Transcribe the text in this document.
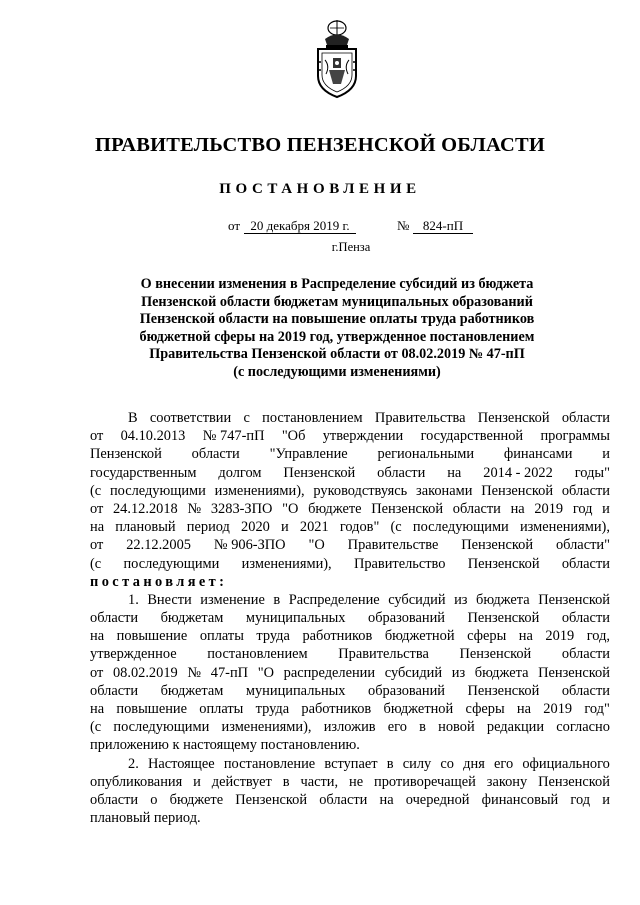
ПРАВИТЕЛЬСТВО ПЕНЗЕНСКОЙ ОБЛАСТИ
ПОСТАНОВЛЕНИЕ
от 20 декабря 2019 г.	№	824-пП
г.Пенза
О внесении изменения в Распределение субсидий из бюджета
Пензенской области бюджетам муниципальных образований
Пензенской области на повышение оплаты труда работников
бюджетной сферы на 2019 год, утвержденное постановлением
Правительства Пензенской области от 08.02.2019 № 47-пП
(с последующими изменениями)
В соответствии с постановлением Правительства Пензенской области
от 04.10.2013 № 747-пП "Об утверждении государственной программы
Пензенской области "Управление региональными финансами и
государственным долгом Пензенской области на 2014 - 2022 годы"
(с последующими изменениями), руководствуясь законами Пензенской области
от 24.12.2018 № 3283-ЗПО "О бюджете Пензенской области на 2019 год и
на плановый период 2020 и 2021 годов" (с последующими изменениями),
от 22.12.2005 № 906-ЗПО "О Правительстве Пензенской области"
(с последующими изменениями), Правительство Пензенской области
постановляет:
1. Внести изменение в Распределение субсидий из бюджета Пензенской
области бюджетам муниципальных образований Пензенской области
на повышение оплаты труда работников бюджетной сферы на 2019 год,
утвержденное постановлением Правительства Пензенской области
от 08.02.2019 № 47-пП "О распределении субсидий из бюджета Пензенской
области бюджетам муниципальных образований Пензенской области
на повышение оплаты труда работников бюджетной сферы на 2019 год"
(с последующими изменениями), изложив его в новой редакции согласно
приложению к настоящему постановлению.
2. Настоящее постановление вступает в силу со дня его официального
опубликования и действует в части, не противоречащей закону Пензенской
области о бюджете Пензенской области на очередной финансовый год и
плановый период.
